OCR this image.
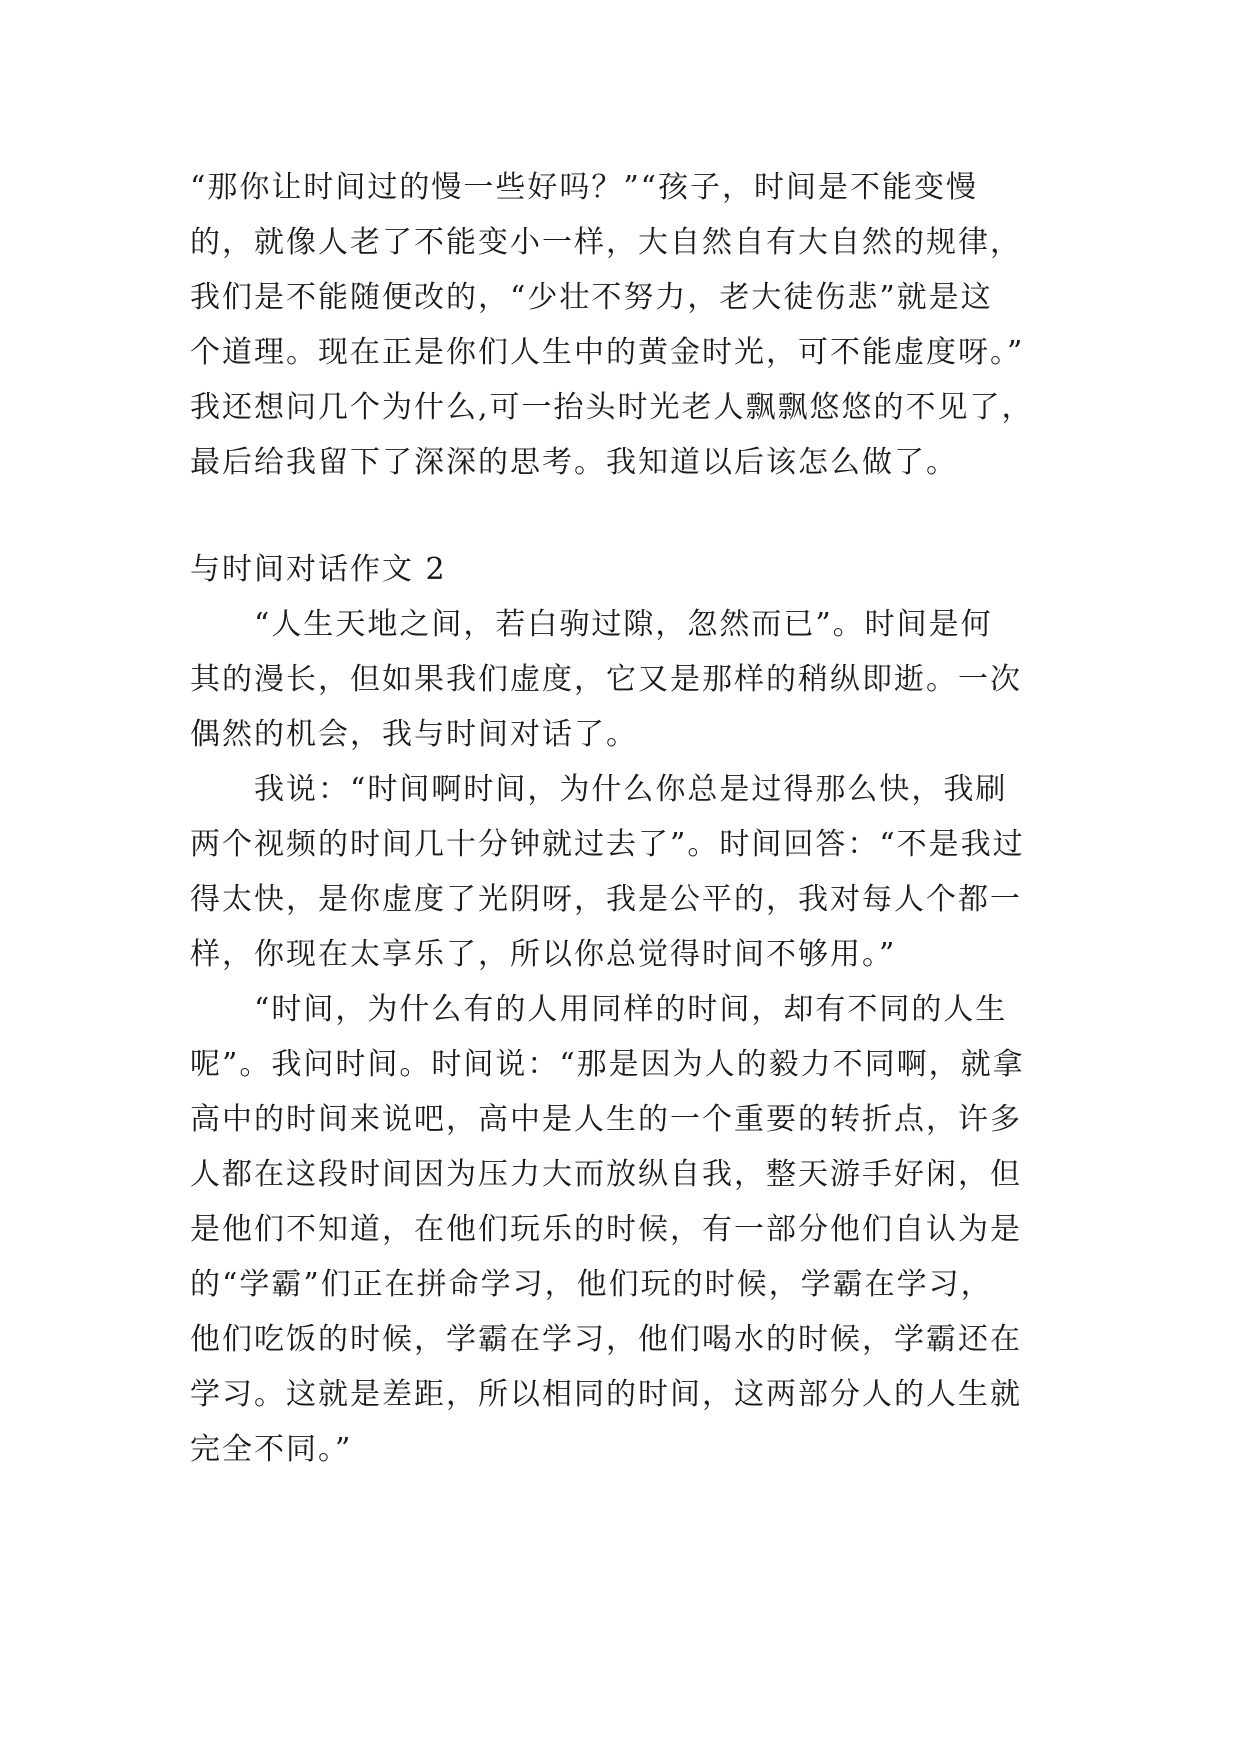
“那你让时间过的慢一些好吗？”“孩子，时间是不能变慢
的，就像人老了不能变小一样，大自然自有大自然的规律，
我们是不能随便改的，“少壮不努力，老大徒伤悲”就是这
个道理。现在正是你们人生中的黄金时光，可不能虚度呀。”
我还想问几个为什么,可一抬头时光老人飘飘悠悠的不见了，
最后给我留下了深深的思考。我知道以后该怎么做了。
与时间对话作文 2
“人生天地之间，若白驹过隙，忽然而已”。时间是何
其的漫长，但如果我们虚度，它又是那样的稍纵即逝。一次
偶然的机会，我与时间对话了。
我说：“时间啊时间，为什么你总是过得那么快，我刷
两个视频的时间几十分钟就过去了”。时间回答：“不是我过
得太快，是你虚度了光阴呀，我是公平的，我对每人个都一
样，你现在太享乐了，所以你总觉得时间不够用。”
“时间，为什么有的人用同样的时间，却有不同的人生
呢”。我问时间。时间说：“那是因为人的毅力不同啊，就拿
高中的时间来说吧，高中是人生的一个重要的转折点，许多
人都在这段时间因为压力大而放纵自我，整天游手好闲，但
是他们不知道，在他们玩乐的时候，有一部分他们自认为是
的“学霸”们正在拼命学习，他们玩的时候，学霸在学习，
他们吃饭的时候，学霸在学习，他们喝水的时候，学霸还在
学习。这就是差距，所以相同的时间，这两部分人的人生就
完全不同。”
